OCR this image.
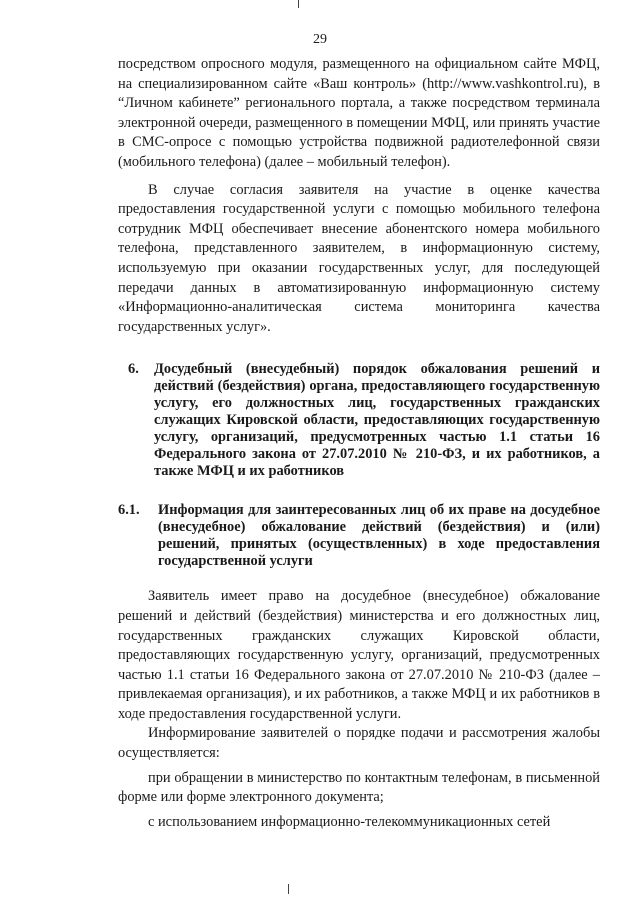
29

посредством опросного модуля, размещенного на официальном сайте МФЦ, на специализированном сайте «Ваш контроль» (http://www.vashkontrol.ru), в “Личном кабинете” регионального портала, а также посредством терминала электронной очереди, размещенного в помещении МФЦ, или принять участие в СМС-опросе с помощью устройства подвижной радиотелефонной связи (мобильного телефона) (далее – мобильный телефон).

В случае согласия заявителя на участие в оценке качества предоставления государственной услуги с помощью мобильного телефона сотрудник МФЦ обеспечивает внесение абонентского номера мобильного телефона, представленного заявителем, в информационную систему, используемую при оказании государственных услуг, для последующей передачи данных в автоматизированную информационную систему «Информационно-аналитическая система мониторинга качества государственных услуг».

6.	Досудебный (внесудебный) порядок обжалования решений и действий (бездействия) органа, предоставляющего государственную услугу, его должностных лиц, государственных гражданских служащих Кировской области, предоставляющих государственную услугу, организаций, предусмотренных частью 1.1 статьи 16 Федерального закона от 27.07.2010 № 210-ФЗ, и их работников, а также МФЦ и их работников
6.1.	Информация для заинтересованных лиц об их праве на досудебное (внесудебное) обжалование действий (бездействия) и (или) решений, принятых (осуществленных) в ходе предоставления государственной услуги

Заявитель имеет право на досудебное (внесудебное) обжалование решений и действий (бездействия) министерства и его должностных лиц, государственных гражданских служащих Кировской области, предоставляющих государственную услугу, организаций, предусмотренных частью 1.1 статьи 16 Федерального закона от 27.07.2010 № 210-ФЗ (далее – привлекаемая организация), и их работников, а также МФЦ и их работников в ходе предоставления государственной услуги.

Информирование заявителей о порядке подачи и рассмотрения жалобы осуществляется:

при обращении в министерство по контактным телефонам, в письменной форме или форме электронного документа;

с использованием информационно-телекоммуникационных сетей
